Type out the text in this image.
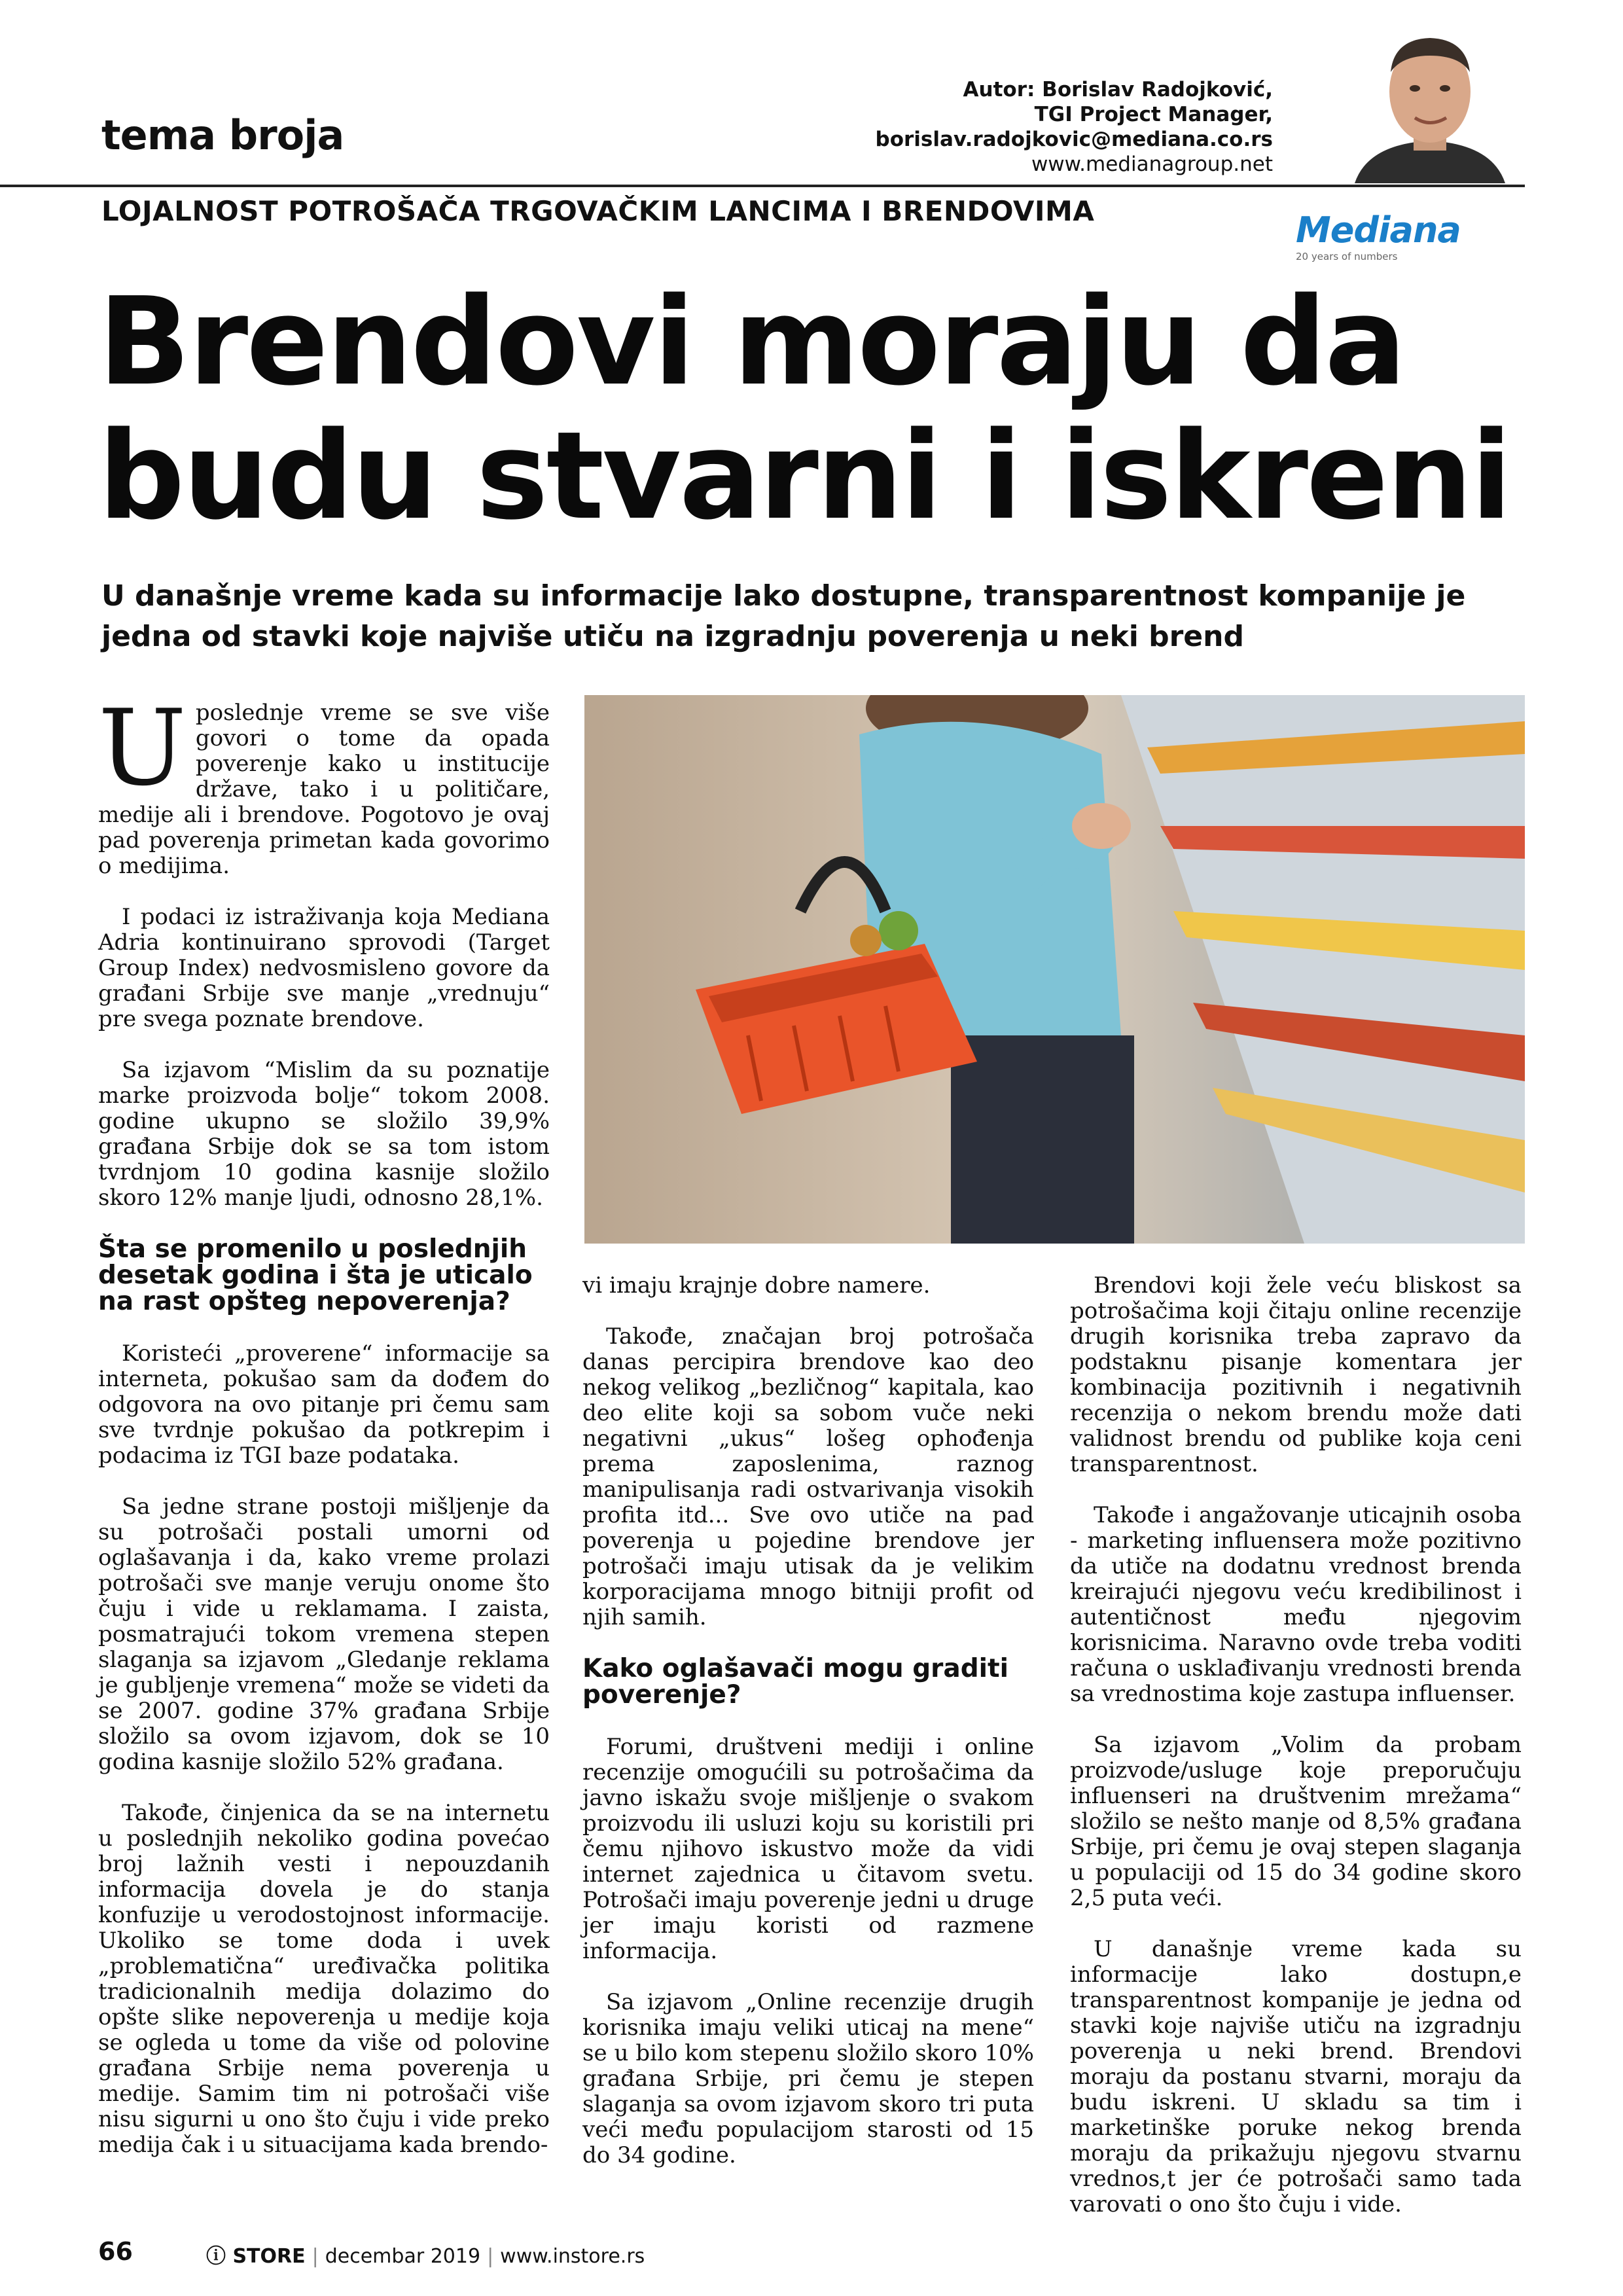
tema broja
Autor: Borislav Radojković,
TGI Project Manager,
borislav.radojkovic@mediana.co.rs
www.medianagroup.net
LOJALNOST POTROŠAČA TRGOVAČKIM LANCIMA I BRENDOVIMA	Mediana
20 years of numbers
Brendovi moraju da
budu stvarni i iskreni
U današnje vreme kada su informacije lako dostupne, transparentnost kompanije je jedna od stavki koje najviše utiču na izgradnju poverenja u neki brend

Uposlednje vreme se sve više govori o tome da opada poverenje kako u institucije države, tako i u političare, medije ali i brendove. Pogotovo je ovaj pad poverenja primetan kada govorimo o medijima.

I podaci iz istraživanja koja Mediana Adria kontinuirano sprovodi (Target Group Index) nedvosmisleno govore da građani Srbije sve manje „vrednuju“ pre svega poznate brendove.

Sa izjavom “Mislim da su poznatije marke proizvoda bolje“ tokom 2008. godine ukupno se složilo 39,9% građana Srbije dok se sa tom istom tvrdnjom 10 godina kasnije složilo skoro 12% manje ljudi, odnosno 28,1%.

Šta se promenilo u poslednjih desetak godina i šta je uticalo na rast opšteg nepoverenja?

Koristeći „proverene“ informacije sa interneta, pokušao sam da dođem do odgovora na ovo pitanje pri čemu sam sve tvrdnje pokušao da potkrepim i podacima iz TGI baze podataka.

Sa jedne strane postoji mišljenje da su potrošači postali umorni od oglašavanja i da, kako vreme prolazi potrošači sve manje veruju onome što čuju i vide u reklamama. I zaista, posmatrajući tokom vremena stepen slaganja sa izjavom „Gledanje reklama je gubljenje vremena“ može se videti da se 2007. godine 37% građana Srbije složilo sa ovom izjavom, dok se 10 godina kasnije složilo 52% građana.

Takođe, činjenica da se na internetu u poslednjih nekoliko godina povećao broj lažnih vesti i nepouzdanih informacija dovela je do stanja konfuzije u verodostojnost informacije. Ukoliko se tome doda i uvek „problematična“ uređivačka politika tradicionalnih medija dolazimo do opšte slike nepoverenja u medije koja se ogleda u tome da više od polovine građana Srbije nema poverenja u medije. Samim tim ni potrošači više nisu sigurni u ono što čuju i vide preko medija čak i u situacijama kada brendo-

vi imaju krajnje dobre namere.

Takođe, značajan broj potrošača danas percipira brendove kao deo nekog velikog „bezličnog“ kapitala, kao deo elite koji sa sobom vuče neki negativni „ukus“ lošeg ophođenja prema zaposlenima, raznog manipulisanja radi ostvarivanja visokih profita itd... Sve ovo utiče na pad poverenja u pojedine brendove jer potrošači imaju utisak da je velikim korporacijama mnogo bitniji profit od njih samih.

Kako oglašavači mogu graditi poverenje?

Forumi, društveni mediji i online recenzije omogućili su potrošačima da javno iskažu svoje mišljenje o svakom proizvodu ili usluzi koju su koristili pri čemu njihovo iskustvo može da vidi internet zajednica u čitavom svetu. Potrošači imaju poverenje jedni u druge jer imaju koristi od razmene informacija.

Sa izjavom „Online recenzije drugih korisnika imaju veliki uticaj na mene“ se u bilo kom stepenu složilo skoro 10% građana Srbije, pri čemu je stepen slaganja sa ovom izjavom skoro tri puta veći među populacijom starosti od 15 do 34 godine.

Brendovi koji žele veću bliskost sa potrošačima koji čitaju online recenzije drugih korisnika treba zapravo da podstaknu pisanje komentara jer kombinacija pozitivnih i negativnih recenzija o nekom brendu može dati validnost brendu od publike koja ceni transparentnost.

Takođe i angažovanje uticajnih osoba - marketing influensera može pozitivno da utiče na dodatnu vrednost brenda kreirajući njegovu veću kredibilinost i autentičnost među njegovim korisnicima. Naravno ovde treba voditi računa o usklađivanju vrednosti brenda sa vrednostima koje zastupa influenser.

Sa izjavom „Volim da probam proizvode/usluge koje preporučuju influenseri na društvenim mrežama“ složilo se nešto manje od 8,5% građana Srbije, pri čemu je ovaj stepen slaganja u populaciji od 15 do 34 godine skoro 2,5 puta veći.

U današnje vreme kada su informacije lako dostupn,e transparentnost kompanije je jedna od stavki koje najviše utiču na izgradnju poverenja u neki brend. Brendovi moraju da postanu stvarni, moraju da budu iskreni. U skladu sa tim i marketinške poruke nekog brenda moraju da prikažuju njegovu stvarnu vrednos,t jer će potrošači samo tada varovati o ono što čuju i vide.

66	ⓘ STORE | decembar 2019 | www.instore.rs
